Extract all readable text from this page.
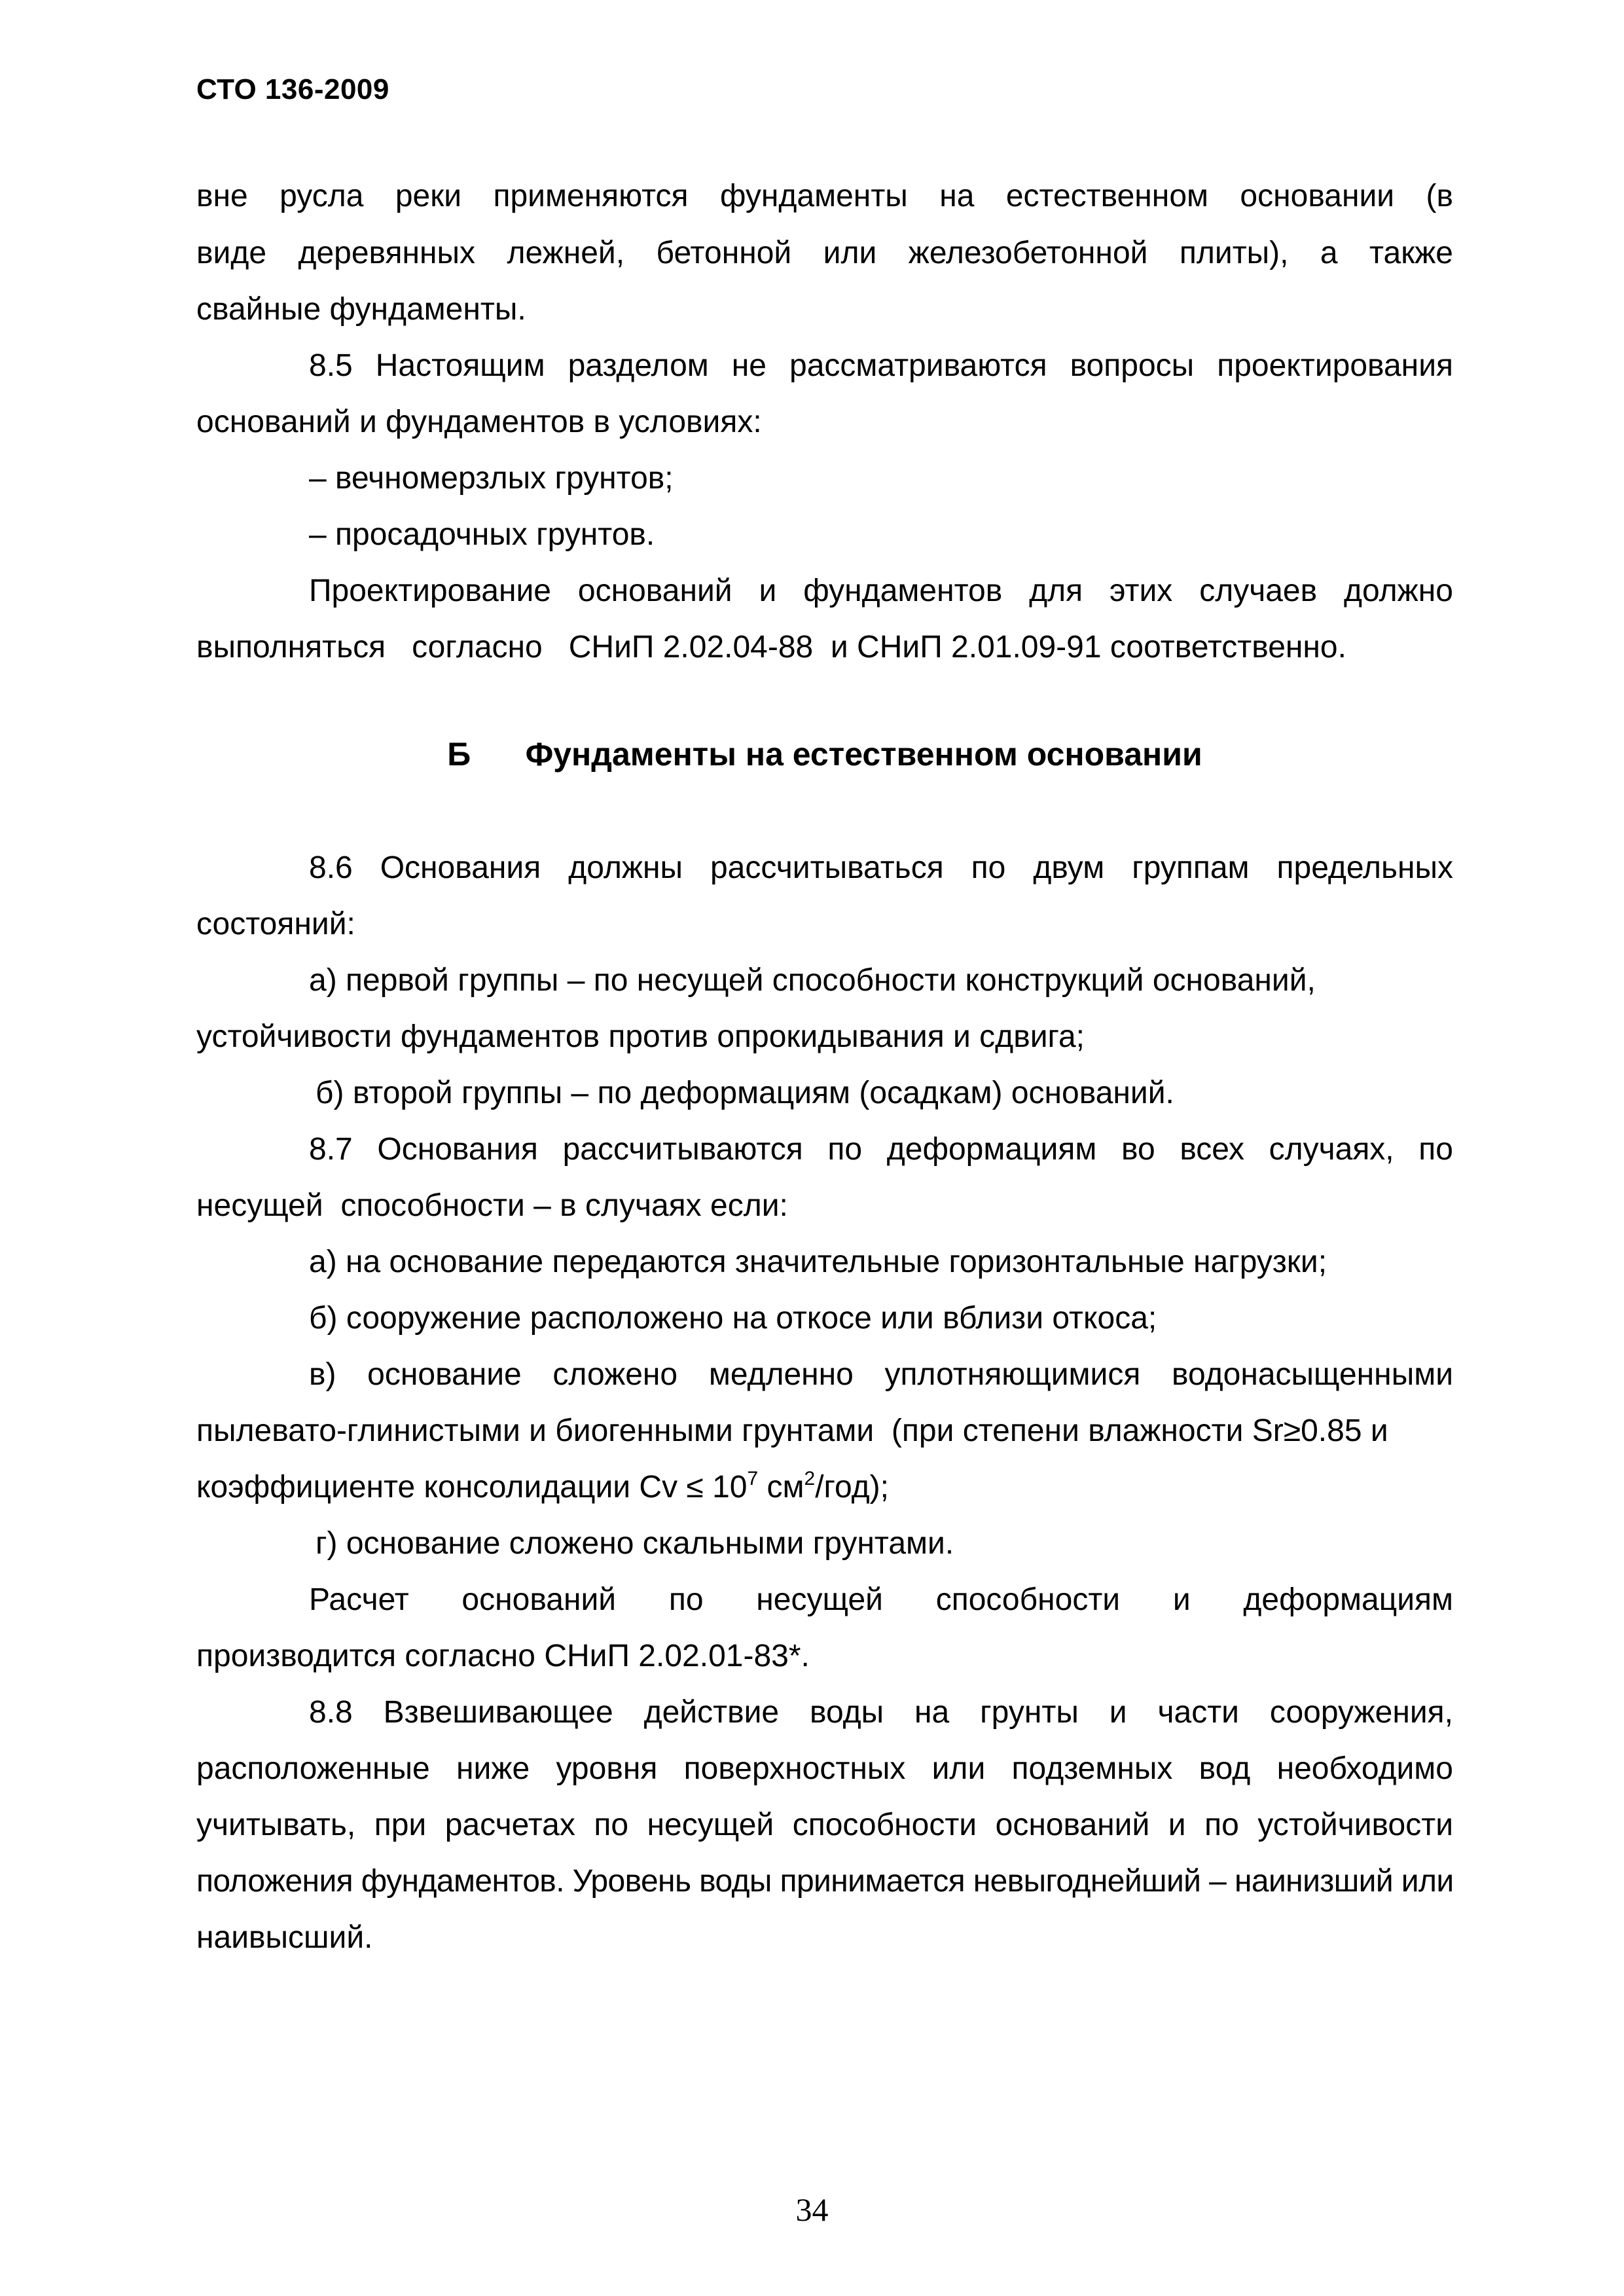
СТО 136-2009
вне русла реки применяются фундаменты на естественном основании (в
виде деревянных лежней, бетонной или железобетонной плиты), а также
свайные фундаменты.
8.5 Настоящим разделом не рассматриваются вопросы проектирования
оснований и фундаментов в условиях:
– вечномерзлых грунтов;
– просадочных грунтов.
Проектирование оснований и фундаментов для этих случаев должно
выполняться   согласно   СНиП 2.02.04-88  и СНиП 2.01.09-91 соответственно.
Б      Фундаменты на естественном основании
8.6 Основания должны рассчитываться по двум группам предельных
состояний:
а) первой группы – по несущей способности конструкций оснований,
устойчивости фундаментов против опрокидывания и сдвига;
б) второй группы – по деформациям (осадкам) оснований.
8.7 Основания рассчитываются по деформациям во всех случаях, по
несущей  способности – в случаях если:
а) на основание передаются значительные горизонтальные нагрузки;
б) сооружение расположено на откосе или вблизи откоса;
в) основание сложено медленно уплотняющимися водонасыщенными
пылевато-глинистыми и биогенными грунтами  (при степени влажности Sr≥0.85 и
коэффициенте консолидации $Cv \le 10^7$ $см^2/год$);
г) основание сложено скальными грунтами.
Расчет оснований по несущей способности и деформациям
производится согласно СНиП 2.02.01-83*.
8.8 Взвешивающее действие воды на грунты и части сооружения,
расположенные ниже уровня поверхностных или подземных вод необходимо
учитывать, при расчетах по несущей способности оснований и по устойчивости
положения фундаментов. Уровень воды принимается невыгоднейший – наинизший или
наивысший.
34
